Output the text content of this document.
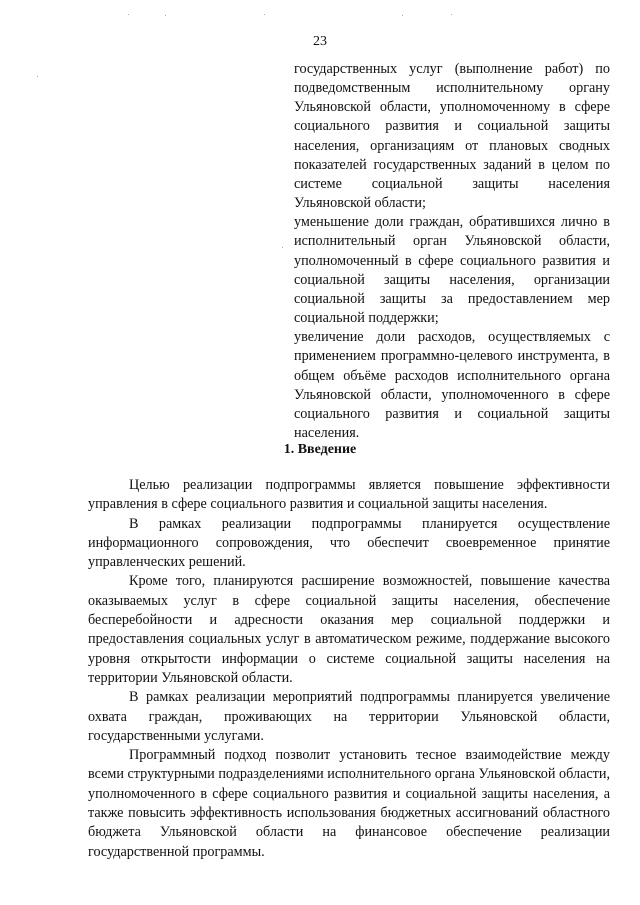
23

государственных услуг (выполнение работ) по подведомственным исполнительному органу Ульяновской области, уполномоченному в сфере социального развития и социальной защиты населения, организациям от плановых сводных показателей государственных заданий в целом по системе социальной защиты населения Ульяновской области;

уменьшение доли граждан, обратившихся лично в исполнительный орган Ульяновской области, уполномоченный в сфере социального развития и социальной защиты населения, организации социальной защиты за предоставлением мер социальной поддержки;

увеличение доли расходов, осуществляемых с применением программно-целевого инструмента, в общем объёме расходов исполнительного органа Ульяновской области, уполномоченного в сфере социального развития и социальной защиты населения.

1. Введение

Целью реализации подпрограммы является повышение эффективности управления в сфере социального развития и социальной защиты населения.

В рамках реализации подпрограммы планируется осуществление информационного сопровождения, что обеспечит своевременное принятие управленческих решений.

Кроме того, планируются расширение возможностей, повышение качества оказываемых услуг в сфере социальной защиты населения, обеспечение бесперебойности и адресности оказания мер социальной поддержки и предоставления социальных услуг в автоматическом режиме, поддержание высокого уровня открытости информации о системе социальной защиты населения на территории Ульяновской области.

В рамках реализации мероприятий подпрограммы планируется увеличение охвата граждан, проживающих на территории Ульяновской области, государственными услугами.

Программный подход позволит установить тесное взаимодействие между всеми структурными подразделениями исполнительного органа Ульяновской области, уполномоченного в сфере социального развития и социальной защиты населения, а также повысить эффективность использования бюджетных ассигнований областного бюджета Ульяновской области на финансовое обеспечение реализации государственной программы.
